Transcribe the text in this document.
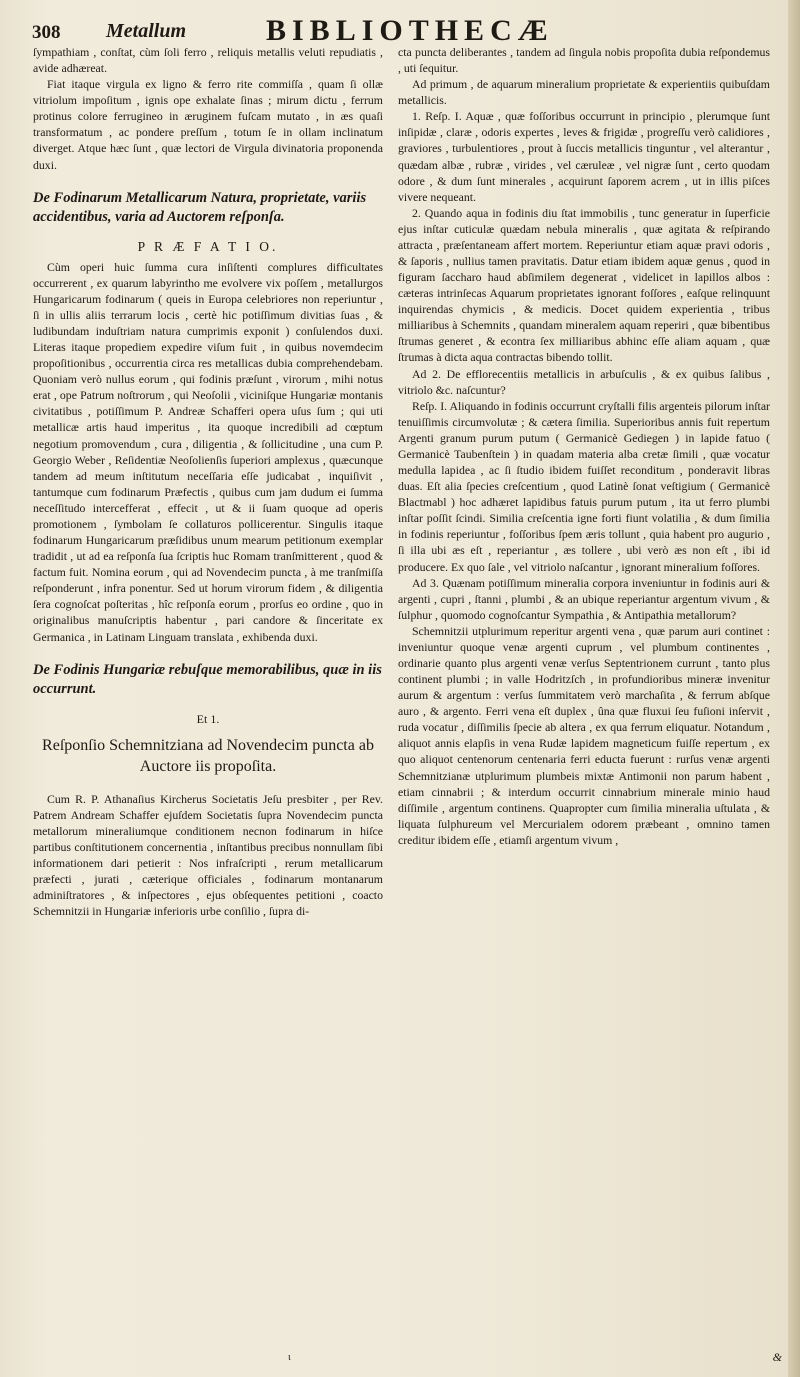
308 Metallum	BIBLIOTHECÆ

ſympathiam , conſtat, cùm ſoli ferro , reliquis metallis veluti repudiatis , avide adhæreat.

Fiat itaque virgula ex ligno & ferro rite commiſſa , quam ſi ollæ vitriolum impoſitum , ignis ope exhalate ſinas ; mirum dictu , ferrum protinus colore ferrugineo in æruginem fuſcam mutato , in æs quaſi transformatum , ac pondere preſſum , totum ſe in ollam inclinatum diverget. Atque hæc ſunt , quæ lectori de Virgula divinatoria proponenda duxi.

De Fodinarum Metallicarum Natura, proprietate, variis accidentibus, varia ad Auctorem reſponſa.

P R Æ F A T I O.

Cùm operi huic ſumma cura inſiſtenti complures difficultates occurrerent , ex quarum labyrintho me evolvere vix poſſem , metallurgos Hungaricarum fodinarum ( queis in Europa celebriores non reperiuntur , ſi in ullis aliis terrarum locis , certè hic potiſſimum divitias ſuas , & ludibundam induſtriam natura cumprimis exponit ) conſulendos duxi. Literas itaque propediem expedire viſum fuit , in quibus novemdecim propoſitionibus , occurrentia circa res metallicas dubia comprehendebam. Quoniam verò nullus eorum , qui fodinis præſunt , virorum , mihi notus erat , ope Patrum noſtrorum , qui Neoſolii , viciniſque Hungariæ montanis civitatibus , potiſſimum P. Andreæ Schafferi opera uſus ſum ; qui uti metallicæ artis haud imperitus , ita quoque incredibili ad cœptum negotium promovendum , cura , diligentia , & ſollicitudine , una cum P. Georgio Weber , Reſidentiæ Neoſolienſis ſuperiori amplexus , quæcunque tandem ad meum inſtitutum neceſſaria eſſe judicabat , inquiſivit , tantumque cum fodinarum Præfectis , quibus cum jam dudum ei ſumma neceſſitudo intercefferat , effecit , ut & ii ſuam quoque ad operis promotionem , ſymbolam ſe collaturos pollicerentur. Singulis itaque fodinarum Hungaricarum præſidibus unum mearum petitionum exemplar tradidit , ut ad ea reſponſa ſua ſcriptis huc Romam tranſmitterent , quod & factum fuit. Nomina eorum , qui ad Novendecim puncta , à me tranſmiſſa reſponderunt , infra ponentur. Sed ut horum virorum fidem , & diligentia ſera cognoſcat poſteritas , hîc reſponſa eorum , prorſus eo ordine , quo in originalibus manuſcriptis habentur , pari candore & ſinceritate ex Germanica , in Latinam Linguam translata , exhibenda duxi.

De Fodinis Hungariæ rebuſque memorabilibus, quæ in iis occurrunt.

Et 1.
Reſponſio Schemnitziana ad Novendecim puncta ab Auctore iis propoſita.

Cum R. P. Athanaſius Kircherus Societatis Jeſu presbiter , per Rev. Patrem Andream Schaffer ejuſdem Societatis ſupra Novendecim puncta metallorum mineraliumque conditionem necnon fodinarum in hiſce partibus conſtitutionem concernentia , inſtantibus precibus nonnullam ſibi informationem dari petierit : Nos infraſcripti , rerum metallicarum præfecti , jurati , cæterique officiales , fodinarum montanarum adminiſtratores , & inſpectores , ejus obſequentes petitioni , coacto Schemnitzii in Hungariæ inferioris urbe conſilio , ſupra di-

cta puncta deliberantes , tandem ad ſingula nobis propoſita dubia reſpondemus , uti ſequitur.

Ad primum , de aquarum mineralium proprietate & experientiis quibuſdam metallicis.

1. Reſp. I. Aquæ , quæ foſſoribus occurrunt in principio , plerumque ſunt inſipidæ , claræ , odoris expertes , leves & frigidæ , progreſſu verò calidiores , graviores , turbulentiores , prout à ſuccis metallicis tinguntur , vel alterantur , quædam albæ , rubræ , virides , vel cæruleæ , vel nigræ ſunt , certo quodam odore , & dum ſunt minerales , acquirunt ſaporem acrem , ut in illis piſces vivere nequeant.

2. Quando aqua in fodinis diu ſtat immobilis , tunc generatur in ſuperficie ejus inſtar cuticulæ quædam nebula mineralis , quæ agitata & reſpirando attracta , præſentaneam affert mortem. Reperiuntur etiam aquæ pravi odoris , & ſaporis , nullius tamen pravitatis. Datur etiam ibidem aquæ genus , quod in figuram ſaccharo haud abſimilem degenerat , videlicet in lapillos albos : cæteras intrinſecas Aquarum proprietates ignorant foſſores , eaſque relinquunt inquirendas chymicis , & medicis. Docet quidem experientia , tribus milliaribus à Schemnits , quandam mineralem aquam reperiri , quæ bibentibus ſtrumas generet , & econtra ſex milliaribus abhinc eſſe aliam aquam , quæ ſtrumas à dicta aqua contractas bibendo tollit.

Ad 2. De efflorecentiis metallicis in arbuſculis , & ex quibus ſalibus , vitriolo &c. naſcuntur?

Reſp. I. Aliquando in fodinis occurrunt cryſtalli filis argenteis pilorum inſtar tenuiſſimis circumvolutæ ; & cætera ſimilia. Superioribus annis fuit repertum Argenti granum purum putum ( Germanicè Gediegen ) in lapide fatuo ( Germanicè Taubenſtein ) in quadam materia alba cretæ ſimili , quæ vocatur medulla lapidea , ac ſi ſtudio ibidem fuiſſet reconditum , ponderavit libras duas. Eſt alia ſpecies creſcentium , quod Latinè ſonat veſtigium ( Germanicè Blactmabl ) hoc adhæret lapidibus fatuis purum putum , ita ut ferro plumbi inſtar poſſit ſcindi. Similia creſcentia igne forti fiunt volatilia , & dum ſimilia in fodinis reperiuntur , foſſoribus ſpem æris tollunt , quia habent pro augurio , ſi illa ubi æs eſt , reperiantur , æs tollere , ubi verò æs non eſt , ibi id producere. Ex quo ſale , vel vitriolo naſcantur , ignorant mineralium foſſores.

Ad 3. Quænam potiſſimum mineralia corpora inveniuntur in fodinis auri & argenti , cupri , ſtanni , plumbi , & an ubique reperiantur argentum vivum , & ſulphur , quomodo cognoſcantur Sympathia , & Antipathia metallorum?

Schemnitzii utplurimum reperitur argenti vena , quæ parum auri continet : inveniuntur quoque venæ argenti cuprum , vel plumbum continentes , ordinarie quanto plus argenti venæ verſus Septentrionem currunt , tanto plus continent plumbi ; in valle Hodritzſch , in profundioribus mineræ invenitur aurum & argentum : verſus ſummitatem verò marchaſita , & ferrum abſque auro , & argento. Ferri vena eſt duplex , ûna quæ fluxui ſeu fuſioni inſervit , ruda vocatur , diſſimilis ſpecie ab altera , ex qua ferrum eliquatur. Notandum , aliquot annis elapſis in vena Rudæ lapidem magneticum fuiſſe repertum , ex quo aliquot centenorum centenaria ferri educta fuerunt : rurſus venæ argenti Schemnitzianæ utplurimum plumbeis mixtæ Antimonii non parum habent , etiam cinnabrii ; & interdum occurrit cinnabrium minerale minio haud diſſimile , argentum continens. Quapropter cum ſimilia mineralia uſtulata , & liquata ſulphureum vel Mercurialem odorem præbeant , omnino tamen creditur ibidem eſſe , etiamſi argentum vivum ,

ι	&
